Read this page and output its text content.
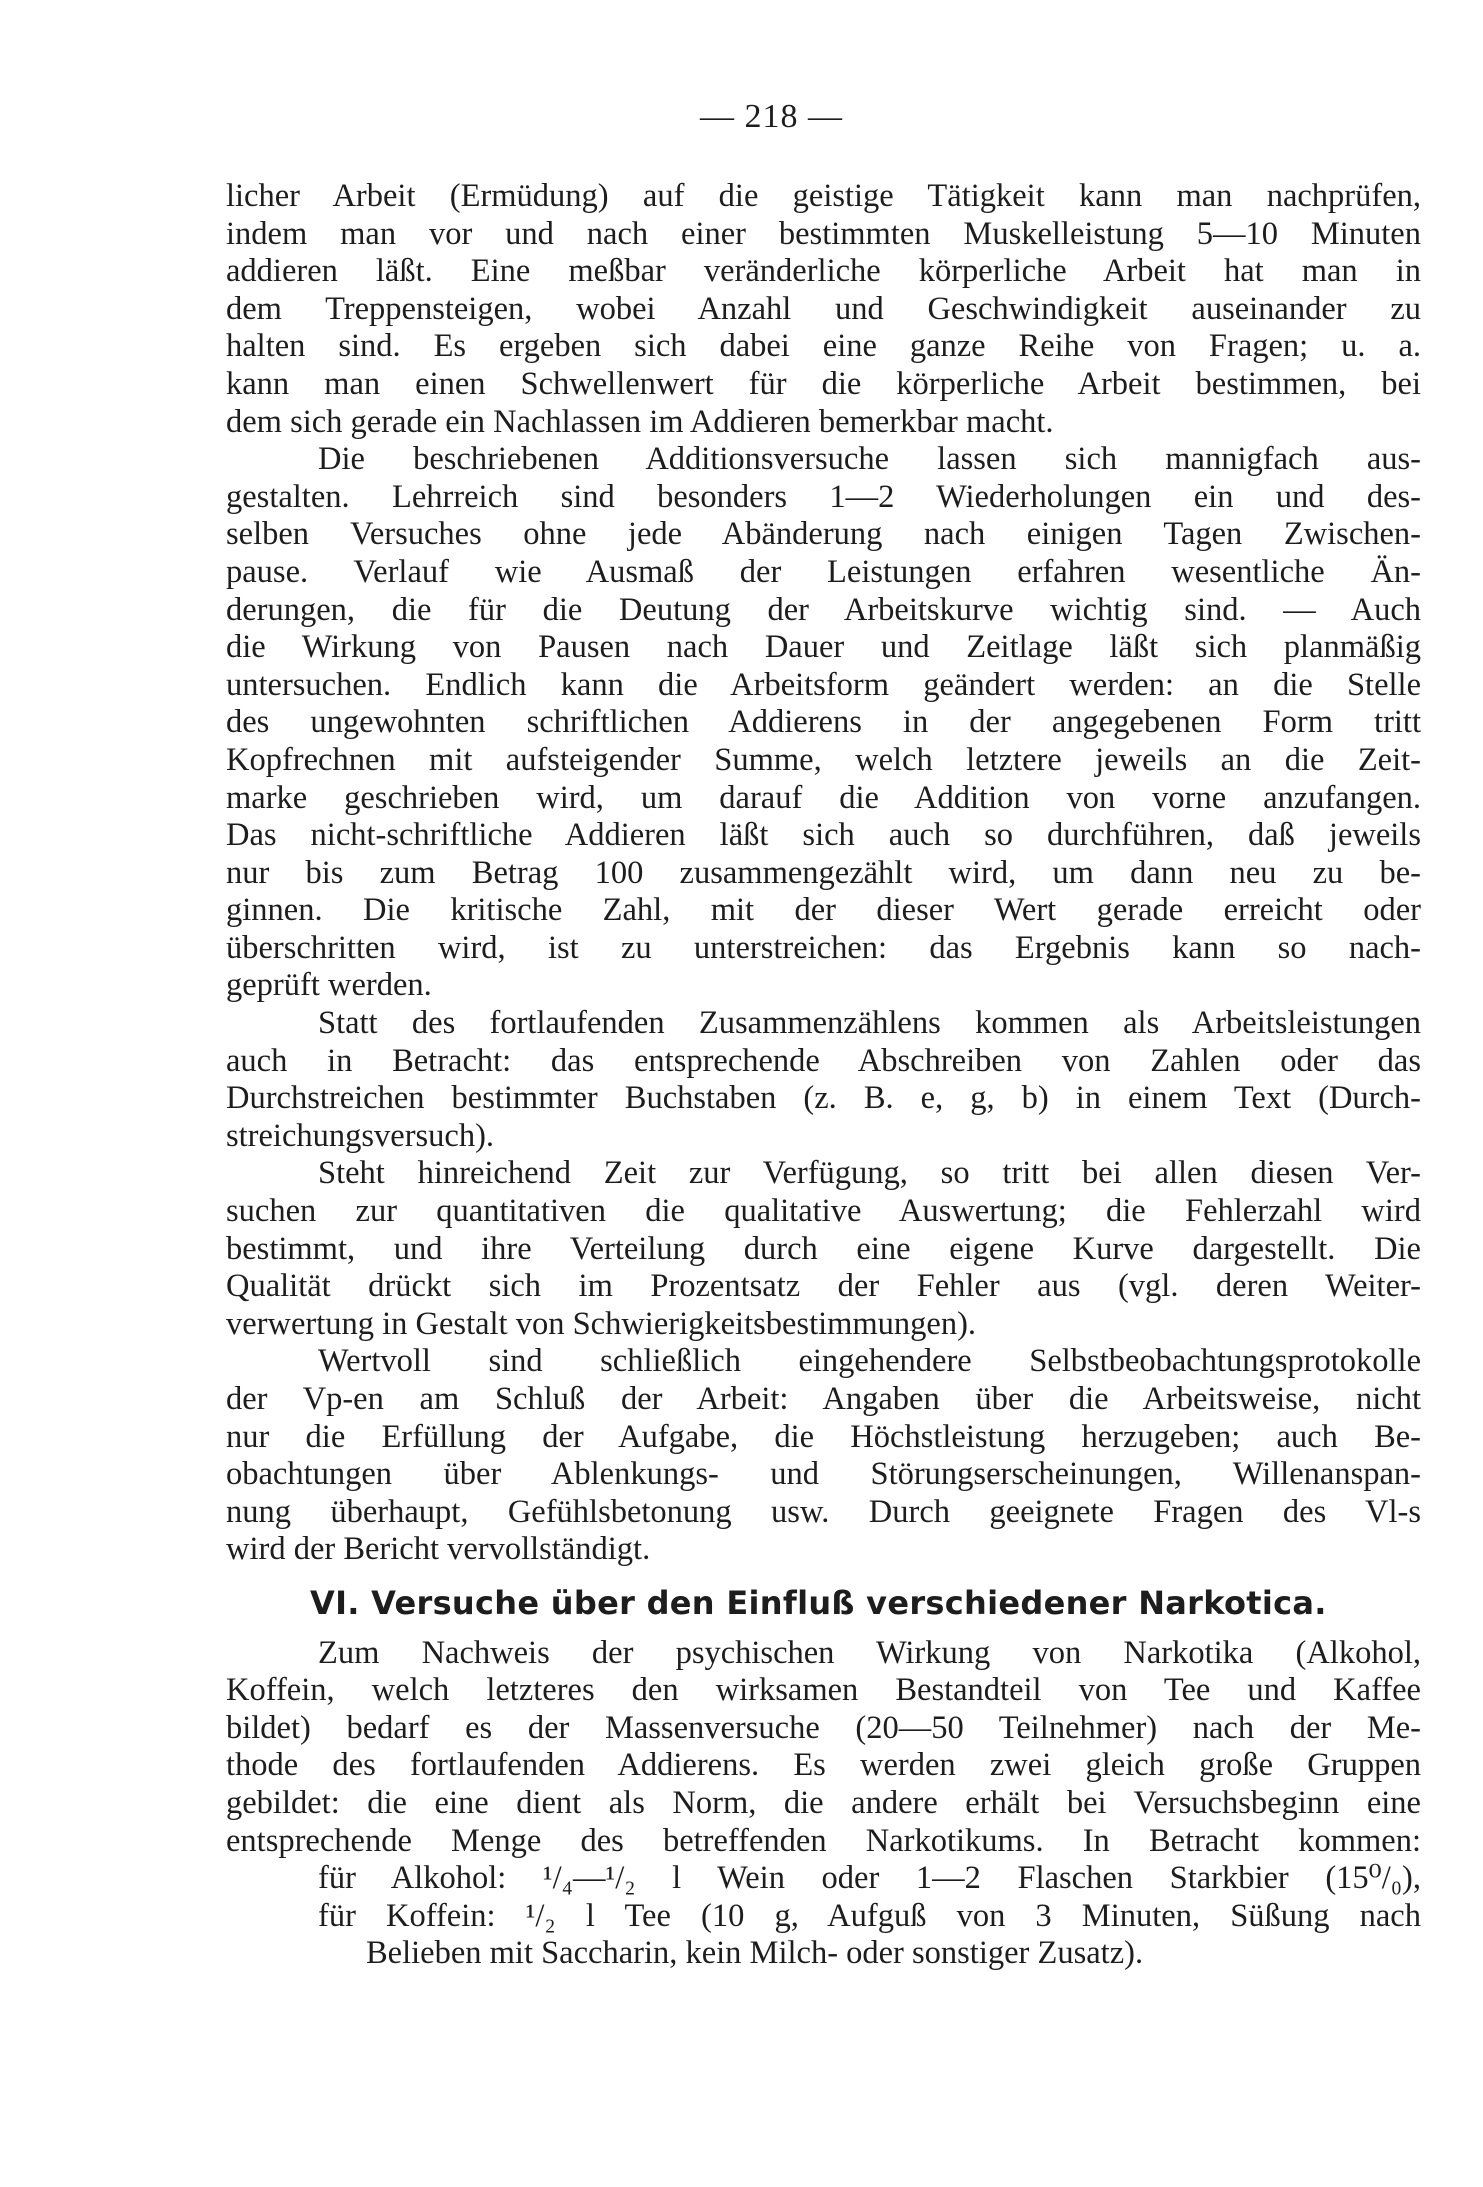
— 218 —
licher Arbeit (Ermüdung) auf die geistige Tätigkeit kann man nachprüfen,
indem man vor und nach einer bestimmten Muskelleistung 5—10 Minuten
addieren läßt. Eine meßbar veränderliche körperliche Arbeit hat man in
dem Treppensteigen, wobei Anzahl und Geschwindigkeit auseinander zu
halten sind. Es ergeben sich dabei eine ganze Reihe von Fragen; u. a.
kann man einen Schwellenwert für die körperliche Arbeit bestimmen, bei
dem sich gerade ein Nachlassen im Addieren bemerkbar macht.
Die beschriebenen Additionsversuche lassen sich mannigfach aus-
gestalten. Lehrreich sind besonders 1—2 Wiederholungen ein und des-
selben Versuches ohne jede Abänderung nach einigen Tagen Zwischen-
pause. Verlauf wie Ausmaß der Leistungen erfahren wesentliche Än-
derungen, die für die Deutung der Arbeitskurve wichtig sind. — Auch
die Wirkung von Pausen nach Dauer und Zeitlage läßt sich planmäßig
untersuchen. Endlich kann die Arbeitsform geändert werden: an die Stelle
des ungewohnten schriftlichen Addierens in der angegebenen Form tritt
Kopfrechnen mit aufsteigender Summe, welch letztere jeweils an die Zeit-
marke geschrieben wird, um darauf die Addition von vorne anzufangen.
Das nicht-schriftliche Addieren läßt sich auch so durchführen, daß jeweils
nur bis zum Betrag 100 zusammengezählt wird, um dann neu zu be-
ginnen. Die kritische Zahl, mit der dieser Wert gerade erreicht oder
überschritten wird, ist zu unterstreichen: das Ergebnis kann so nach-
geprüft werden.
Statt des fortlaufenden Zusammenzählens kommen als Arbeitsleistungen
auch in Betracht: das entsprechende Abschreiben von Zahlen oder das
Durchstreichen bestimmter Buchstaben (z. B. e, g, b) in einem Text (Durch-
streichungsversuch).
Steht hinreichend Zeit zur Verfügung, so tritt bei allen diesen Ver-
suchen zur quantitativen die qualitative Auswertung; die Fehlerzahl wird
bestimmt, und ihre Verteilung durch eine eigene Kurve dargestellt. Die
Qualität drückt sich im Prozentsatz der Fehler aus (vgl. deren Weiter-
verwertung in Gestalt von Schwierigkeitsbestimmungen).
Wertvoll sind schließlich eingehendere Selbstbeobachtungsprotokolle
der Vp-en am Schluß der Arbeit: Angaben über die Arbeitsweise, nicht
nur die Erfüllung der Aufgabe, die Höchstleistung herzugeben; auch Be-
obachtungen über Ablenkungs- und Störungserscheinungen, Willenanspan-
nung überhaupt, Gefühlsbetonung usw. Durch geeignete Fragen des Vl-s
wird der Bericht vervollständigt.
VI. Versuche über den Einfluß verschiedener Narkotica.
Zum Nachweis der psychischen Wirkung von Narkotika (Alkohol,
Koffein, welch letzteres den wirksamen Bestandteil von Tee und Kaffee
bildet) bedarf es der Massenversuche (20—50 Teilnehmer) nach der Me-
thode des fortlaufenden Addierens. Es werden zwei gleich große Gruppen
gebildet: die eine dient als Norm, die andere erhält bei Versuchsbeginn eine
entsprechende Menge des betreffenden Narkotikums. In Betracht kommen:
für Alkohol: ¹/₄—¹/₂ l Wein oder 1—2 Flaschen Starkbier (15⁰/₀),
für Koffein: ¹/₂ l Tee (10 g, Aufguß von 3 Minuten, Süßung nach
Belieben mit Saccharin, kein Milch- oder sonstiger Zusatz).
